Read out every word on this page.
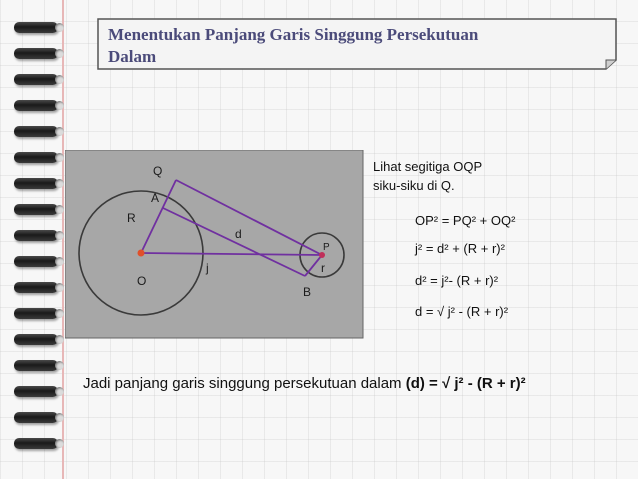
Menentukan Panjang Garis Singgung Persekutuan
Dalam
Q
A
R
O
j
d
P
r
B
Lihat segitiga OQP
siku-siku di Q.
OP² = PQ² + OQ²
j² = d² + (R + r)²
d² = j²- (R + r)²
d = √ j² - (R + r)²
Jadi panjang garis singgung persekutuan dalam (d) = √ j² - (R + r)²
